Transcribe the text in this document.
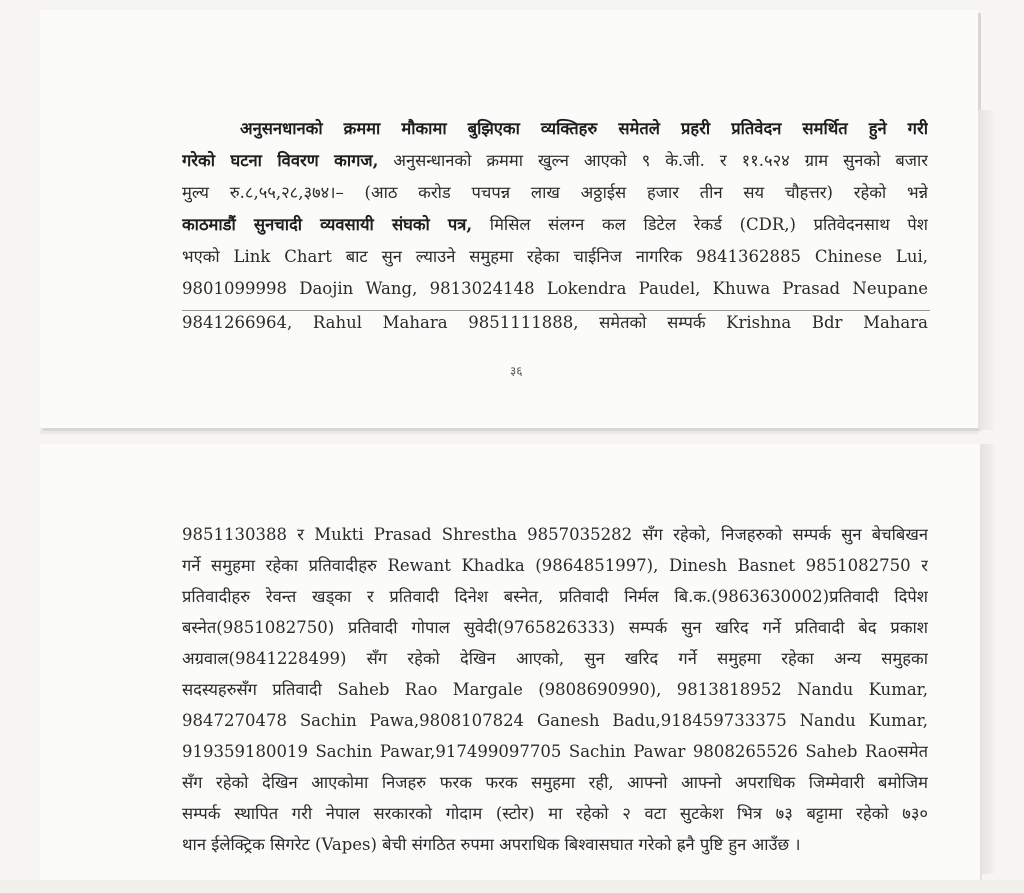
अनुसनधानको क्रममा मौकामा बुझिएका व्यक्तिहरु समेतले प्रहरी प्रतिवेदन समर्थित हुने गरी
गरेको घटना विवरण कागज, अनुसन्धानको क्रममा खुल्न आएको ९ के.जी. र ११.५२४ ग्राम सुनको बजार
मुल्य रु.८,५५,२८,३७४।– (आठ करोड पचपन्न लाख अठ्ठाईस हजार तीन सय चौहत्तर) रहेको भन्ने
काठमाडौं सुनचादी व्यवसायी संघको पत्र, मिसिल संलग्न कल डिटेल रेकर्ड (CDR,) प्रतिवेदनसाथ पेश
भएको Link Chart बाट सुन ल्याउने समुहमा रहेका चाईनिज नागरिक 9841362885 Chinese Lui,
9801099998 Daojin Wang, 9813024148 Lokendra Paudel, Khuwa Prasad Neupane
9841266964, Rahul Mahara 9851111888, समेतको सम्पर्क Krishna Bdr Mahara
३६
9851130388 र Mukti Prasad Shrestha 9857035282 सँग रहेको, निजहरुको सम्पर्क सुन बेचबिखन
गर्ने समुहमा रहेका प्रतिवादीहरु Rewant Khadka (9864851997), Dinesh Basnet 9851082750 र
प्रतिवादीहरु रेवन्त खड्का र प्रतिवादी दिनेश बस्नेत, प्रतिवादी निर्मल बि.क.(9863630002)प्रतिवादी दिपेश
बस्नेत(9851082750) प्रतिवादी गोपाल सुवेदी(9765826333) सम्पर्क सुन खरिद गर्ने प्रतिवादी बेद प्रकाश
अग्रवाल(9841228499) सँग रहेको देखिन आएको, सुन खरिद गर्ने समुहमा रहेका अन्य समुहका
सदस्यहरुसँग प्रतिवादी Saheb Rao Margale (9808690990), 9813818952 Nandu Kumar,
9847270478 Sachin Pawa,9808107824 Ganesh Badu,918459733375 Nandu Kumar,
919359180019 Sachin Pawar,917499097705 Sachin Pawar 9808265526 Saheb Raoसमेत
सँग रहेको देखिन आएकोमा निजहरु फरक फरक समुहमा रही, आफ्नो आफ्नो अपराधिक जिम्मेवारी बमोजिम
सम्पर्क स्थापित गरी नेपाल सरकारको गोदाम (स्टोर) मा रहेको २ वटा सुटकेश भित्र ७३ बट्टामा रहेको ७३०
थान ईलेक्ट्रिक सिगरेट (Vapes) बेची संगठित रुपमा अपराधिक बिश्वासघात गरेको ह्रनै पुष्टि हुन आउँछ ।
